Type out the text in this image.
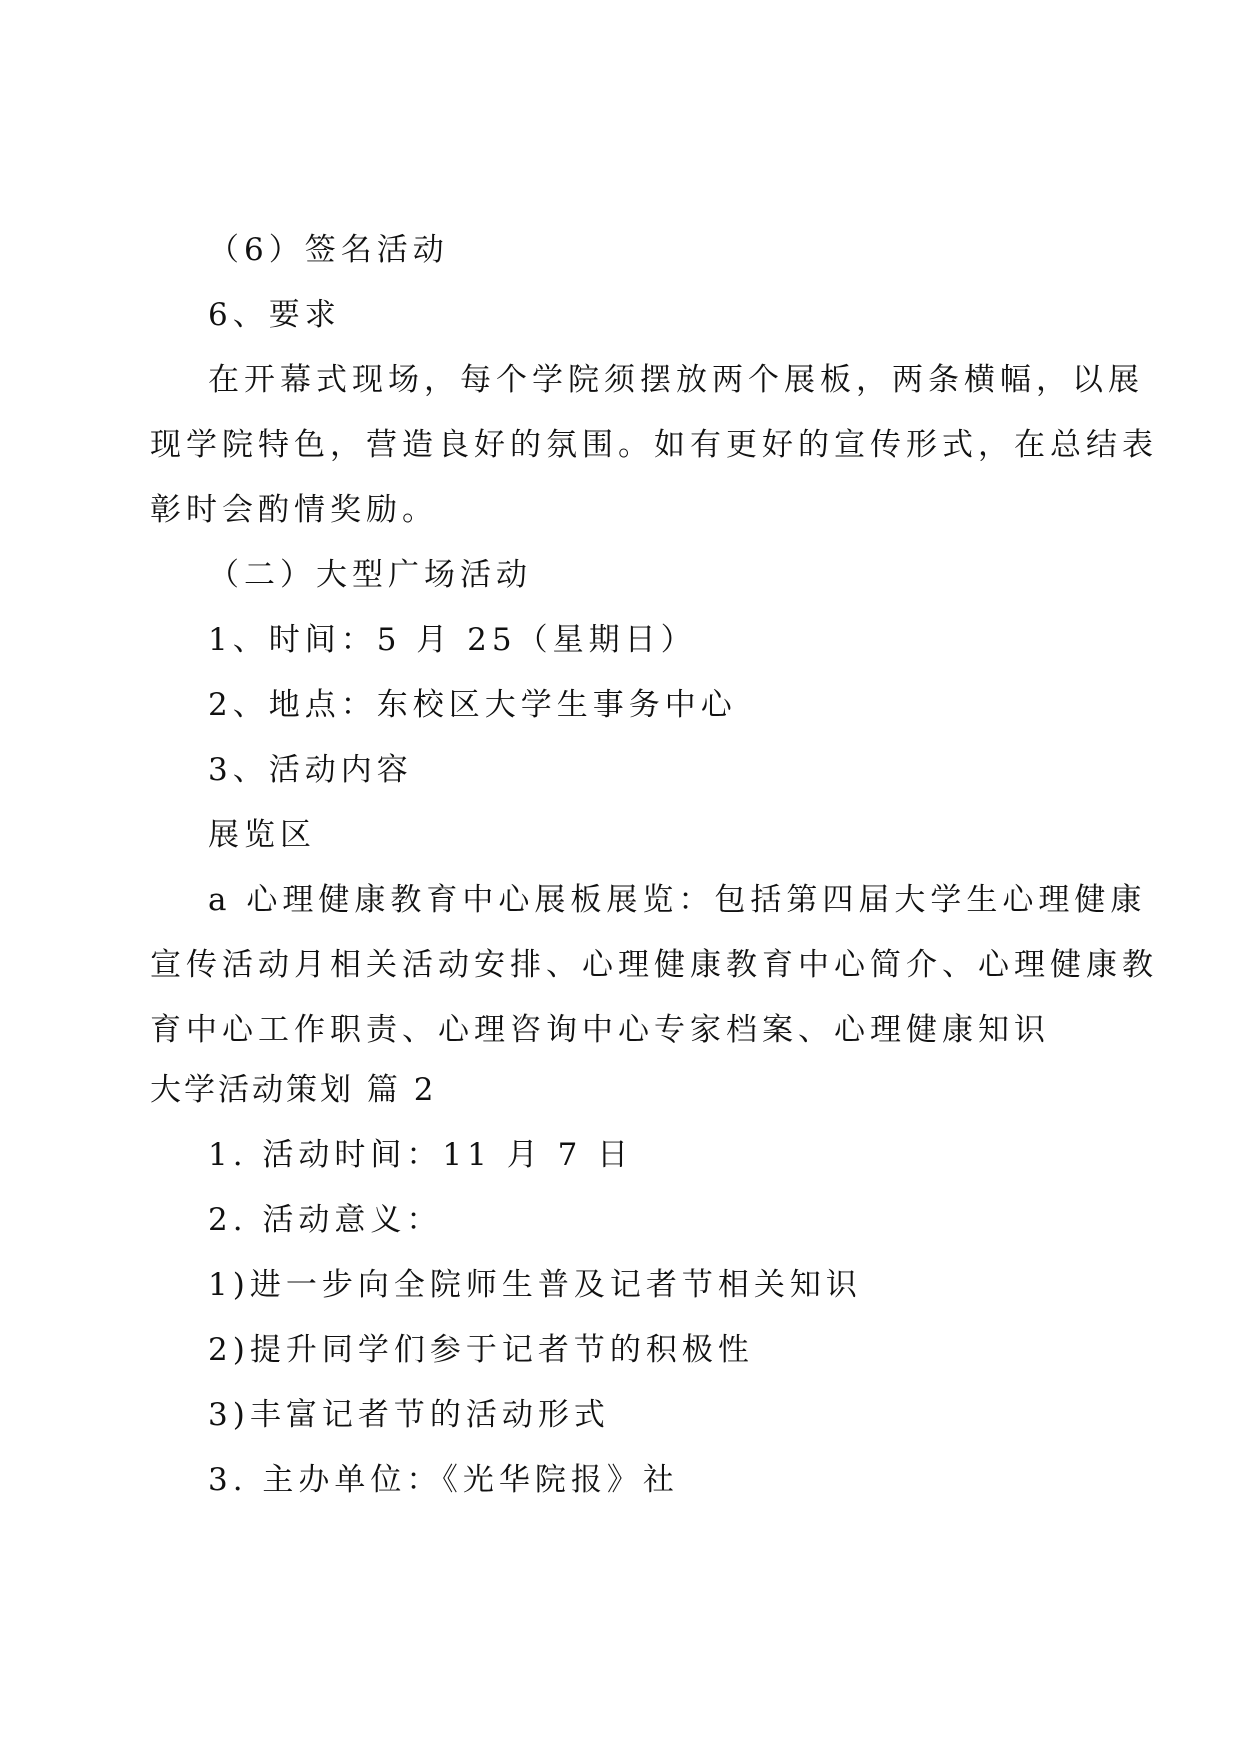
（6）签名活动
6、要求
在开幕式现场，每个学院须摆放两个展板，两条横幅，以展
现学院特色，营造良好的氛围。如有更好的宣传形式，在总结表
彰时会酌情奖励。
（二）大型广场活动
1、时间：5 月 25（星期日）
2、地点：东校区大学生事务中心
3、活动内容
展览区
a 心理健康教育中心展板展览：包括第四届大学生心理健康
宣传活动月相关活动安排、心理健康教育中心简介、心理健康教
育中心工作职责、心理咨询中心专家档案、心理健康知识
大学活动策划 篇 2
1. 活动时间：11 月 7 日
2. 活动意义：
1)进一步向全院师生普及记者节相关知识
2)提升同学们参于记者节的积极性
3)丰富记者节的活动形式
3. 主办单位：《光华院报》社
